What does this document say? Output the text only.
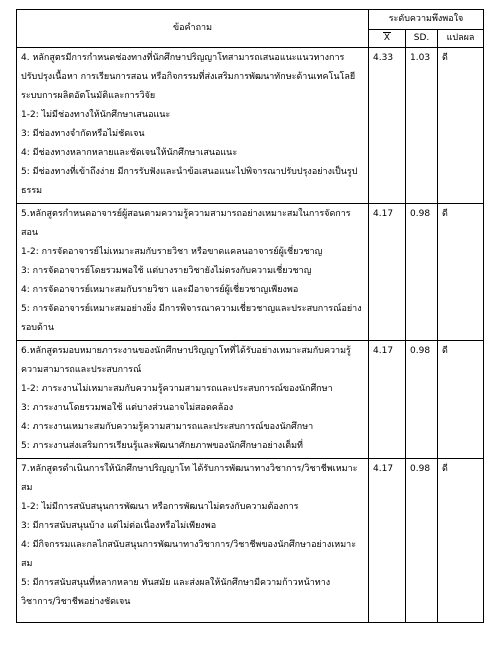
ข้อคำถาม	ระดับความพึงพอใจ		
	X	SD.	แปลผล

4. หลักสูตรมีการกำหนดช่องทางที่นักศึกษาปริญญาโทสามารถเสนอแนะแนวทางการปรับปรุงเนื้อหา การเรียนการสอน หรือกิจกรรมที่ส่งเสริมการพัฒนาทักษะด้านเทคโนโลยีระบบการผลิตอัตโนมัติและการวิจัย
1-2: ไม่มีช่องทางให้นักศึกษาเสนอแนะ
3: มีช่องทางจำกัดหรือไม่ชัดเจน
4: มีช่องทางหลากหลายและชัดเจนให้นักศึกษาเสนอแนะ
5: มีช่องทางที่เข้าถึงง่าย มีการรับฟังและนำข้อเสนอแนะไปพิจารณาปรับปรุงอย่างเป็นรูปธรรม	4.33	1.03	ดี

5.หลักสูตรกำหนดอาจารย์ผู้สอนตามความรู้ความสามารถอย่างเหมาะสมในการจัดการสอน
1-2: การจัดอาจารย์ไม่เหมาะสมกับรายวิชา หรือขาดแคลนอาจารย์ผู้เชี่ยวชาญ
3: การจัดอาจารย์โดยรวมพอใช้ แต่บางรายวิชายังไม่ตรงกับความเชี่ยวชาญ
4: การจัดอาจารย์เหมาะสมกับรายวิชา และมีอาจารย์ผู้เชี่ยวชาญเพียงพอ
5: การจัดอาจารย์เหมาะสมอย่างยิ่ง มีการพิจารณาความเชี่ยวชาญและประสบการณ์อย่างรอบด้าน	4.17	0.98	ดี

6.หลักสูตรมอบหมายภาระงานของนักศึกษาปริญญาโทที่ได้รับอย่างเหมาะสมกับความรู้ความสามารถและประสบการณ์
1-2: ภาระงานไม่เหมาะสมกับความรู้ความสามารถและประสบการณ์ของนักศึกษา
3: ภาระงานโดยรวมพอใช้ แต่บางส่วนอาจไม่สอดคล้อง
4: ภาระงานเหมาะสมกับความรู้ความสามารถและประสบการณ์ของนักศึกษา
5: ภาระงานส่งเสริมการเรียนรู้และพัฒนาศักยภาพของนักศึกษาอย่างเต็มที่	4.17	0.98	ดี

7.หลักสูตรดำเนินการให้นักศึกษาปริญญาโท ได้รับการพัฒนาทางวิชาการ/วิชาชีพเหมาะสม
1-2: ไม่มีการสนับสนุนการพัฒนา หรือการพัฒนาไม่ตรงกับความต้องการ
3: มีการสนับสนุนบ้าง แต่ไม่ต่อเนื่องหรือไม่เพียงพอ
4: มีกิจกรรมและกลไกสนับสนุนการพัฒนาทางวิชาการ/วิชาชีพของนักศึกษาอย่างเหมาะสม
5: มีการสนับสนุนที่หลากหลาย ทันสมัย และส่งผลให้นักศึกษามีความก้าวหน้าทางวิชาการ/วิชาชีพอย่างชัดเจน	4.17	0.98	ดี
